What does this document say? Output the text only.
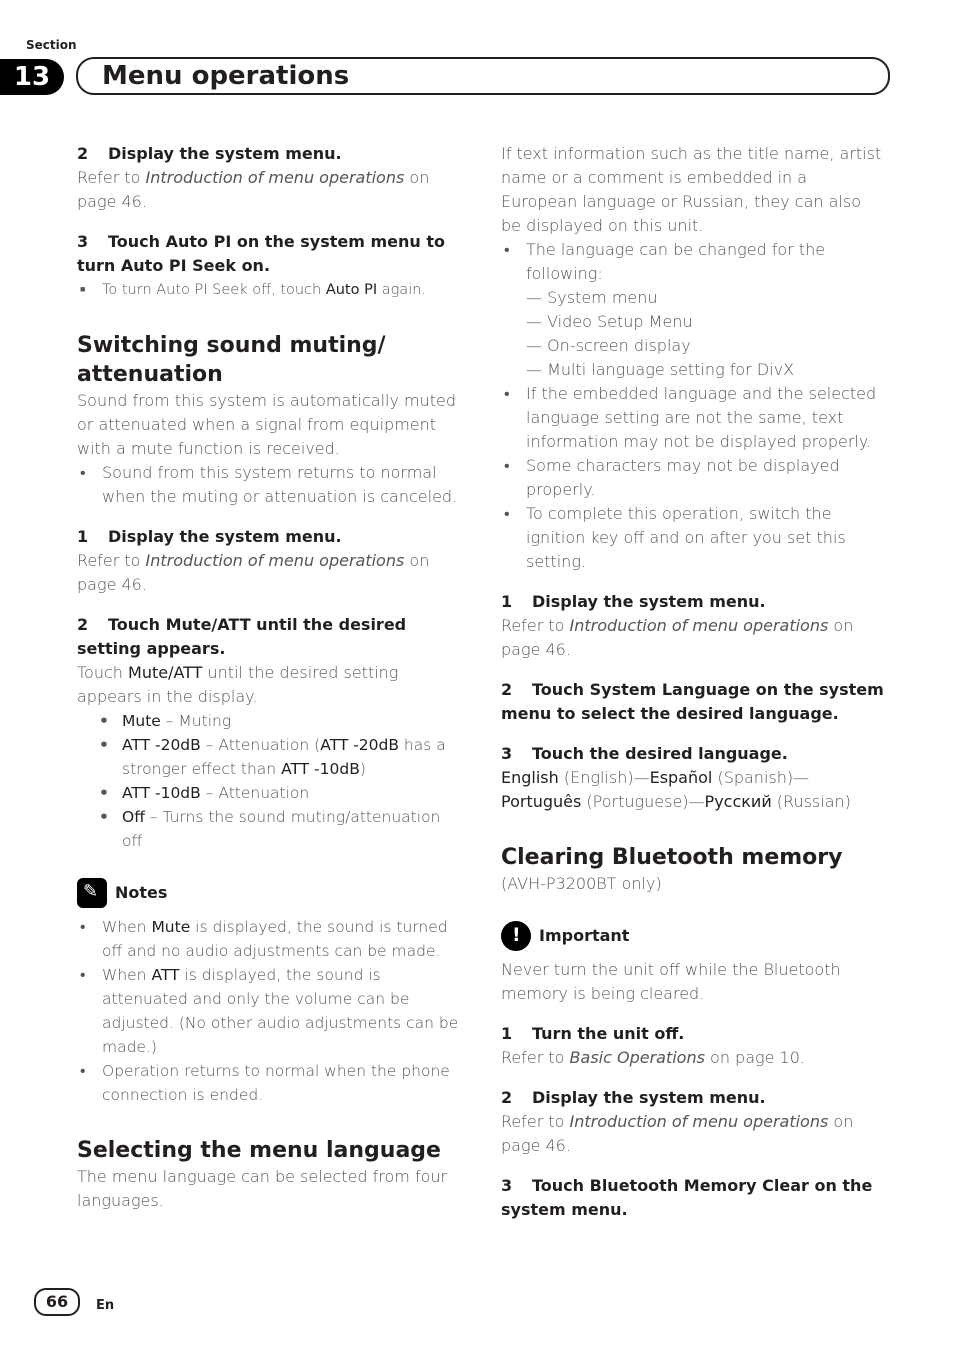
Section
13	Menu operations

2 Display the system menu.

Refer to Introduction of menu operations on page 46.

3 Touch Auto PI on the system menu to turn Auto PI Seek on.

■ To turn Auto PI Seek off, touch Auto PI again.
Switching sound muting/ attenuation

Sound from this system is automatically muted or attenuated when a signal from equipment with a mute function is received.

• Sound from this system returns to normal when the muting or attenuation is canceled.

1 Display the system menu.

Refer to Introduction of menu operations on page 46.

2 Touch Mute/ATT until the desired setting appears.

Touch Mute/ATT until the desired setting appears in the display.

• Mute – Muting
• ATT -20dB – Attenuation (ATT -20dB has a stronger effect than ATT -10dB)
• ATT -10dB – Attenuation
• Off – Turns the sound muting/attenuation off
✎
Notes
• When Mute is displayed, the sound is turned off and no audio adjustments can be made.
• When ATT is displayed, the sound is attenuated and only the volume can be adjusted. (No other audio adjustments can be made.)
• Operation returns to normal when the phone connection is ended.
Selecting the menu language

The menu language can be selected from four languages.

If text information such as the title name, artist name or a comment is embedded in a European language or Russian, they can also be displayed on this unit.

• The language can be changed for the following:

— System menu

— Video Setup Menu

— On-screen display

— Multi language setting for DivX

• If the embedded language and the selected language setting are not the same, text information may not be displayed properly.
• Some characters may not be displayed properly.
• To complete this operation, switch the ignition key off and on after you set this setting.

1 Display the system menu.

Refer to Introduction of menu operations on page 46.

2 Touch System Language on the system menu to select the desired language.

3 Touch the desired language.

English (English)—Español (Spanish)— Português (Portuguese)—Русский (Russian)

Clearing Bluetooth memory

(AVH-P3200BT only)

!
Important

Never turn the unit off while the Bluetooth memory is being cleared.

1 Turn the unit off.

Refer to Basic Operations on page 10.

2 Display the system menu.

Refer to Introduction of menu operations on page 46.

3 Touch Bluetooth Memory Clear on the system menu.

66	En
